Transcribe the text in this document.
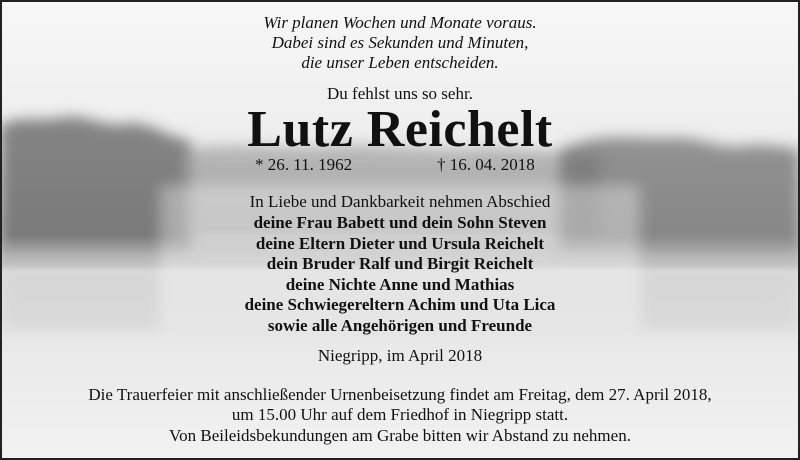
Wir planen Wochen und Monate voraus.
Dabei sind es Sekunden und Minuten,
die unser Leben entscheiden.
Du fehlst uns so sehr.
Lutz Reichelt
* 26. 11. 1962	† 16. 04. 2018
In Liebe und Dankbarkeit nehmen Abschied
deine Frau Babett und dein Sohn Steven
deine Eltern Dieter und Ursula Reichelt
dein Bruder Ralf und Birgit Reichelt
deine Nichte Anne und Mathias
deine Schwiegereltern Achim und Uta Lica
sowie alle Angehörigen und Freunde
Niegripp, im April 2018
Die Trauerfeier mit anschließender Urnenbeisetzung findet am Freitag, dem 27. April 2018,
um 15.00 Uhr auf dem Friedhof in Niegripp statt.
Von Beileidsbekundungen am Grabe bitten wir Abstand zu nehmen.
